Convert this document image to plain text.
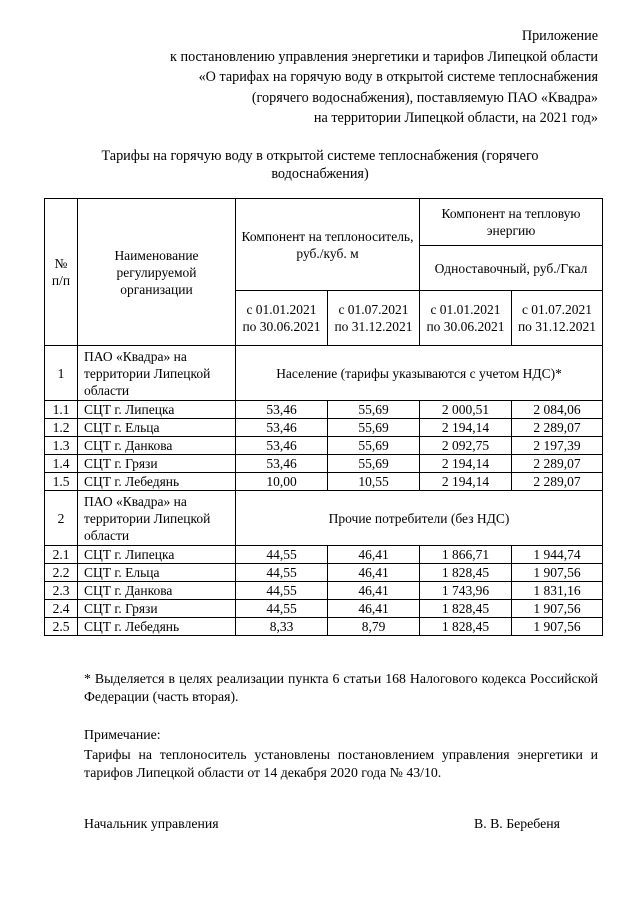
Приложение
к постановлению управления энергетики и тарифов Липецкой области
«О тарифах на горячую воду в открытой системе теплоснабжения
(горячего водоснабжения), поставляемую ПАО «Квадра»
на территории Липецкой области, на 2021 год»
Тарифы на горячую воду в открытой системе теплоснабжения (горячего
водоснабжения)
№ п/п	Наименование регулируемой организации	Компонент на теплоноситель, руб./куб. м		Компонент на тепловую энергию	
				Одноставочный, руб./Гкал	
		с 01.01.2021 по 30.06.2021	с 01.07.2021 по 31.12.2021	с 01.01.2021 по 30.06.2021	с 01.07.2021 по 31.12.2021
1	ПАО «Квадра» на территории Липецкой области	Население (тарифы указываются с учетом НДС)*			
1.1	СЦТ г. Липецка	53,46	55,69	2 000,51	2 084,06
1.2	СЦТ г. Ельца	53,46	55,69	2 194,14	2 289,07
1.3	СЦТ г. Данкова	53,46	55,69	2 092,75	2 197,39
1.4	СЦТ г. Грязи	53,46	55,69	2 194,14	2 289,07
1.5	СЦТ г. Лебедянь	10,00	10,55	2 194,14	2 289,07
2	ПАО «Квадра» на территории Липецкой области	Прочие потребители (без НДС)			
2.1	СЦТ г. Липецка	44,55	46,41	1 866,71	1 944,74
2.2	СЦТ г. Ельца	44,55	46,41	1 828,45	1 907,56
2.3	СЦТ г. Данкова	44,55	46,41	1 743,96	1 831,16
2.4	СЦТ г. Грязи	44,55	46,41	1 828,45	1 907,56
2.5	СЦТ г. Лебедянь	8,33	8,79	1 828,45	1 907,56
* Выделяется в целях реализации пункта 6 статьи 168 Налогового кодекса Российской Федерации (часть вторая).
Примечание:
Тарифы на теплоноситель установлены постановлением управления энергетики и тарифов Липецкой области от 14 декабря 2020 года № 43/10.
Начальник управления	В. В. Беребеня
